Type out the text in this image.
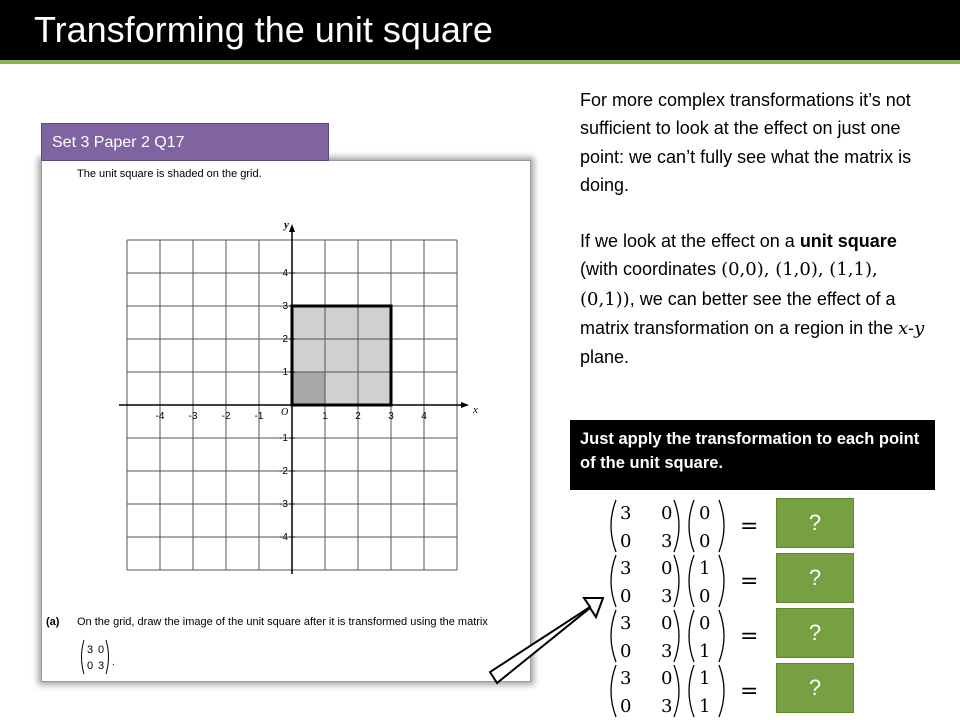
Transforming the unit square
Set 3 Paper 2 Q17
The unit square is shaded on the grid.
-4 -3 -2 -1	1	2	3	4
4
3
2
1
-1
-2
-3
-4
x
y
O
(a) On the grid, draw the image of the unit square after it is transformed using the matrix
3 0
0 3 .

For more complex transformations it’s not sufficient to look at the effect on just one point: we can’t fully see what the matrix is doing.

If we look at the effect on a unit square (with coordinates (0,0), (1,0), (1,1), (0,1)), we can better see the effect of a matrix transformation on a region in the x-y plane.

Just apply the transformation to each point of the unit square.
3 0
0 3
0
0
=	?
3 0
0 3
1
0
=	?
3 0
0 3
0
1
=	?
3 0
0 3
1
1
=	?
